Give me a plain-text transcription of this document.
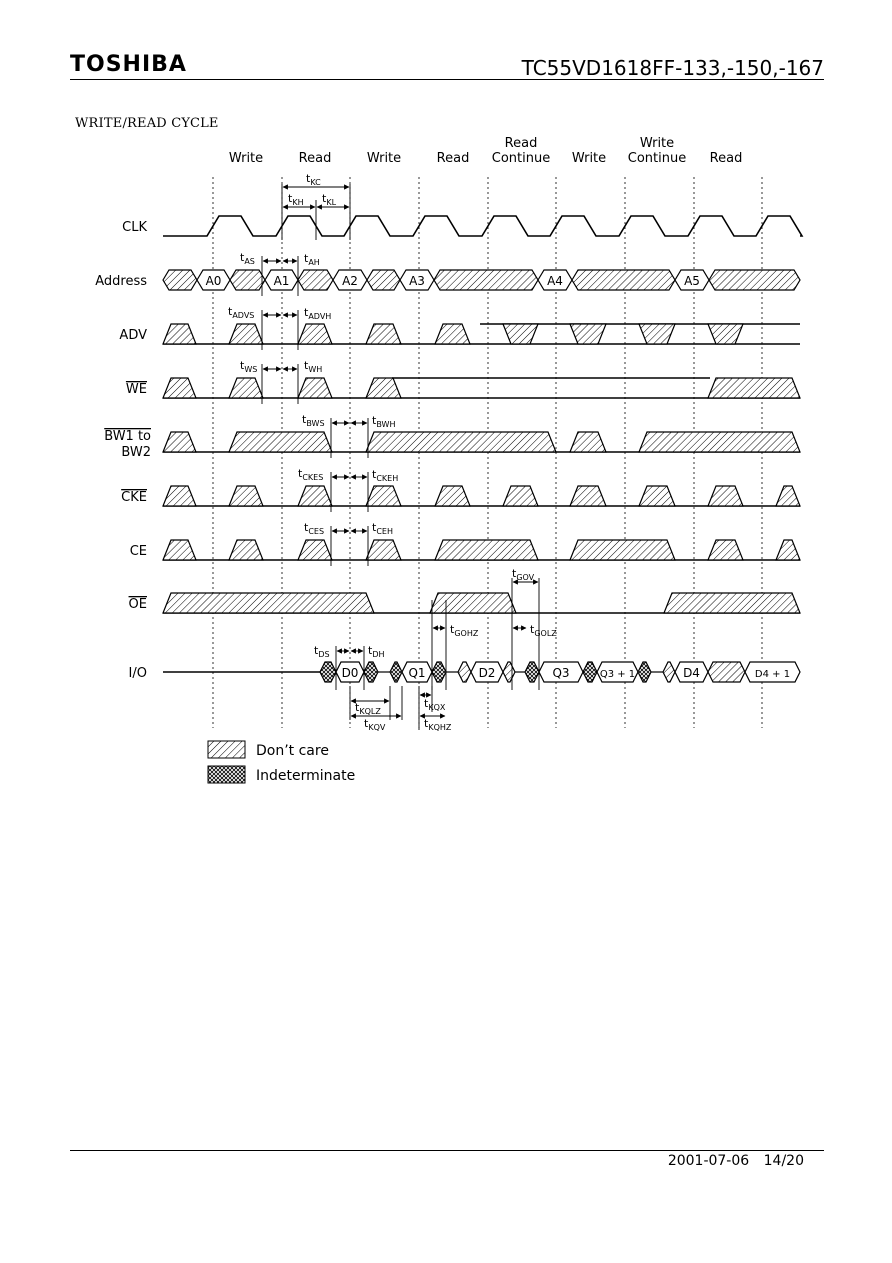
TOSHIBA	TC55VD1618FF-133,-150,-167
WRITE/READ CYCLE
Write	Read	Write	Read
Read
Continue Write
Write
Continue Read
CLK
Address
ADV
WE
BW1 to
BW2
CKE
CE
OE
I/O
A0	A1	A2	A3	A4	A5
D0	Q1	D2	Q3	Q3 + 1	D4	D4 + 1
$t_{KC}$
$t_{KH}$ $t_{KL}$
$t_{AS}$	$t_{AH}$
$t_{ADVS}$	$t_{ADVH}$
$t_{WS}$	$t_{WH}$
$t_{BWS}$	$t_{BWH}$
$t_{CKES}$	$t_{CKEH}$
$t_{CES}$	$t_{CEH}$
$t_{GOV}$
$t_{GOHZ}$	$t_{GOLZ}$
$t_{DS}$	$t_{DH}$
$t_{KQLZ}$
$t_{KQX}$
$t_{KQV}$	$t_{KQHZ}$
Don’t care
Indeterminate
2001-07-06 14/20
